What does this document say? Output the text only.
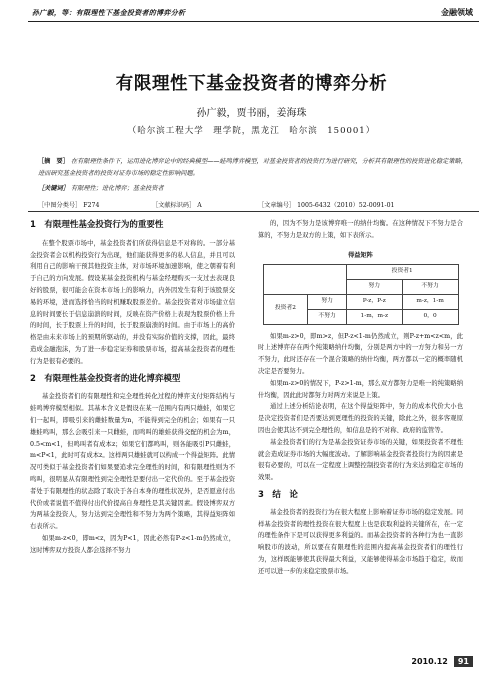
孙广毅，等：有限理性下基金投资者的博弈分析	金融领域
有限理性下基金投资者的博弈分析
孙广毅，贾书丽，姜海珠
（哈尔滨工程大学　理学院，黑龙江　哈尔滨　150001）
［摘　要］ 在有限理性条件下，运用进化博弈论中的经典模型——蛙鸣博弈模型，对基金投资者的投资行为进行研究，分析其有限理性的投资进化稳定策略，进而研究基金投资者的投资对证券市场的稳定性影响问题。
［关键词］ 有限理性；进化博弈；基金投资者
［中图分类号］ F274	［文献标识码］ A	［文章编号］ 1005-6432（2010）52-0091-01
1　有限理性基金投资行为的重要性

在整个股票市场中，基金投资者们所获得信息是不对称的。一部分基金投资者会以机构投资行为出现，他们能获得更多的私人信息，并且可以利用自己的影响干预其他投资主体，对市场环境加速影响，使之朝着有利于自己的方向发展。假设某基金投资机构与基金经理购买一支过去表现良好的股票，很可能会在资本市场上的影响力，内外因发生有利于该股票交易的环境，进而选择恰当的时机赚取股票差价。基金投资者对市场建立信息的时间要长于信息崩溃的时间，反映在资产价格上表现为股票价格上升的时间，长于股票上升的时间，长于股票崩溃的时间。由于市场上的高价格是由未来市场上的预期所驱动的，并没有实际价值的支撑，因此，最终造成金融泡沫，为了进一步稳定证券和股票市场，提高基金投资者的理性行为是很有必要的。

2　有限理性基金投资者的进化博弈模型

基金投资者们的有限理性和完全理性转化过程的博弈支付矩阵结构与蛙鸣博弈模型相似。其基本含义是假设在某一范围内有两只雄蛙，如果它们一起叫，即吸引来的雌蛙数量为n，不能得到完全的机会；如果有一只雄蛙鸣叫，那么会吸引来一只雌蛙，而鸣叫的雄蛙获得交配的机会为m，0.5<m<1，但鸣叫者有成本z；如果它们都鸣叫，则各能吸引P只雌蛙，m<P<1，此时可有成本z。这样两只雄蛙就可以构成一个得益矩阵。此情况可类似于基金投资者们如果要追求完全理性的时间，和有限理性则为不鸣叫，很明显从有限理性到完全理性是要付出一定代价的。至于基金投资者处于有限理性的状态除了取决于各自本身的理性状况外，是否愿意付出代价或者说值不值得付出代价提高自身理性是其关键因素。假设博弈双方为两基金投资人，努力达到完全理性和不努力为两个策略，其得益矩阵如右表所示。

如果m-z<0，即m<z，因为P<1，因此必然有P-z<1-m仍然成立，这时博弈双方投资人都会选择不努力

的，因为不努力是该博弈唯一的纳什均衡。在这种情况下不努力是合算的，不努力是双方的上策，如下表所示。

得益矩阵
		投资者1	
		努力	不努力
投资者2	努力	P-z，P-z	m-z，1-m
	不努力	1-m，m-z	0，0

如果m-z>0，即m>z，但P-z<1-m仍然成立，则P-z+m<z<m，此时上述博弈存在两个纯策略纳什均衡，分别是两方中的一方努力和另一方不努力，此时还存在一个混合策略的纳什均衡，两方都以一定的概率随机决定是否要努力。

如果m-z>0的情况下，P-z>1-m，那么双方都努力是唯一的纯策略纳什均衡，因此此时都努力对两方来说是上策。

通过上述分析结论表明，在这个得益矩阵中，努力的成本代价大小也是决定投资者们是否要达到更理性的投资的关键，除此之外，很多客观原因也会使其达不到完全理性的，如信息是的不对称、政府的监管等。

基金投资者们的行为是基金投资证券市场的关键，如果投资者不理性就会造成证券市场的大幅度波动。了解影响基金投资者投资行为的因素是很有必要的，可以在一定程度上调整控制投资者的行为来达到稳定市场的效果。

3　结　论

基金投资者的投资行为在很大程度上影响着证券市场的稳定发展。同样基金投资者的理性投资在很大程度上也是获取利益的关键所在，在一定的理性条件下是可以获得更多利益的。而基金投资者的各种行为也一直影响股市的波动，所以要在有限理性的范围内提高基金投资者们的理性行为，这样既能够使其获得最大利益，又能够使得基金市场趋于稳定，故而还可以进一步的来稳定股票市场。

2010.12 91
